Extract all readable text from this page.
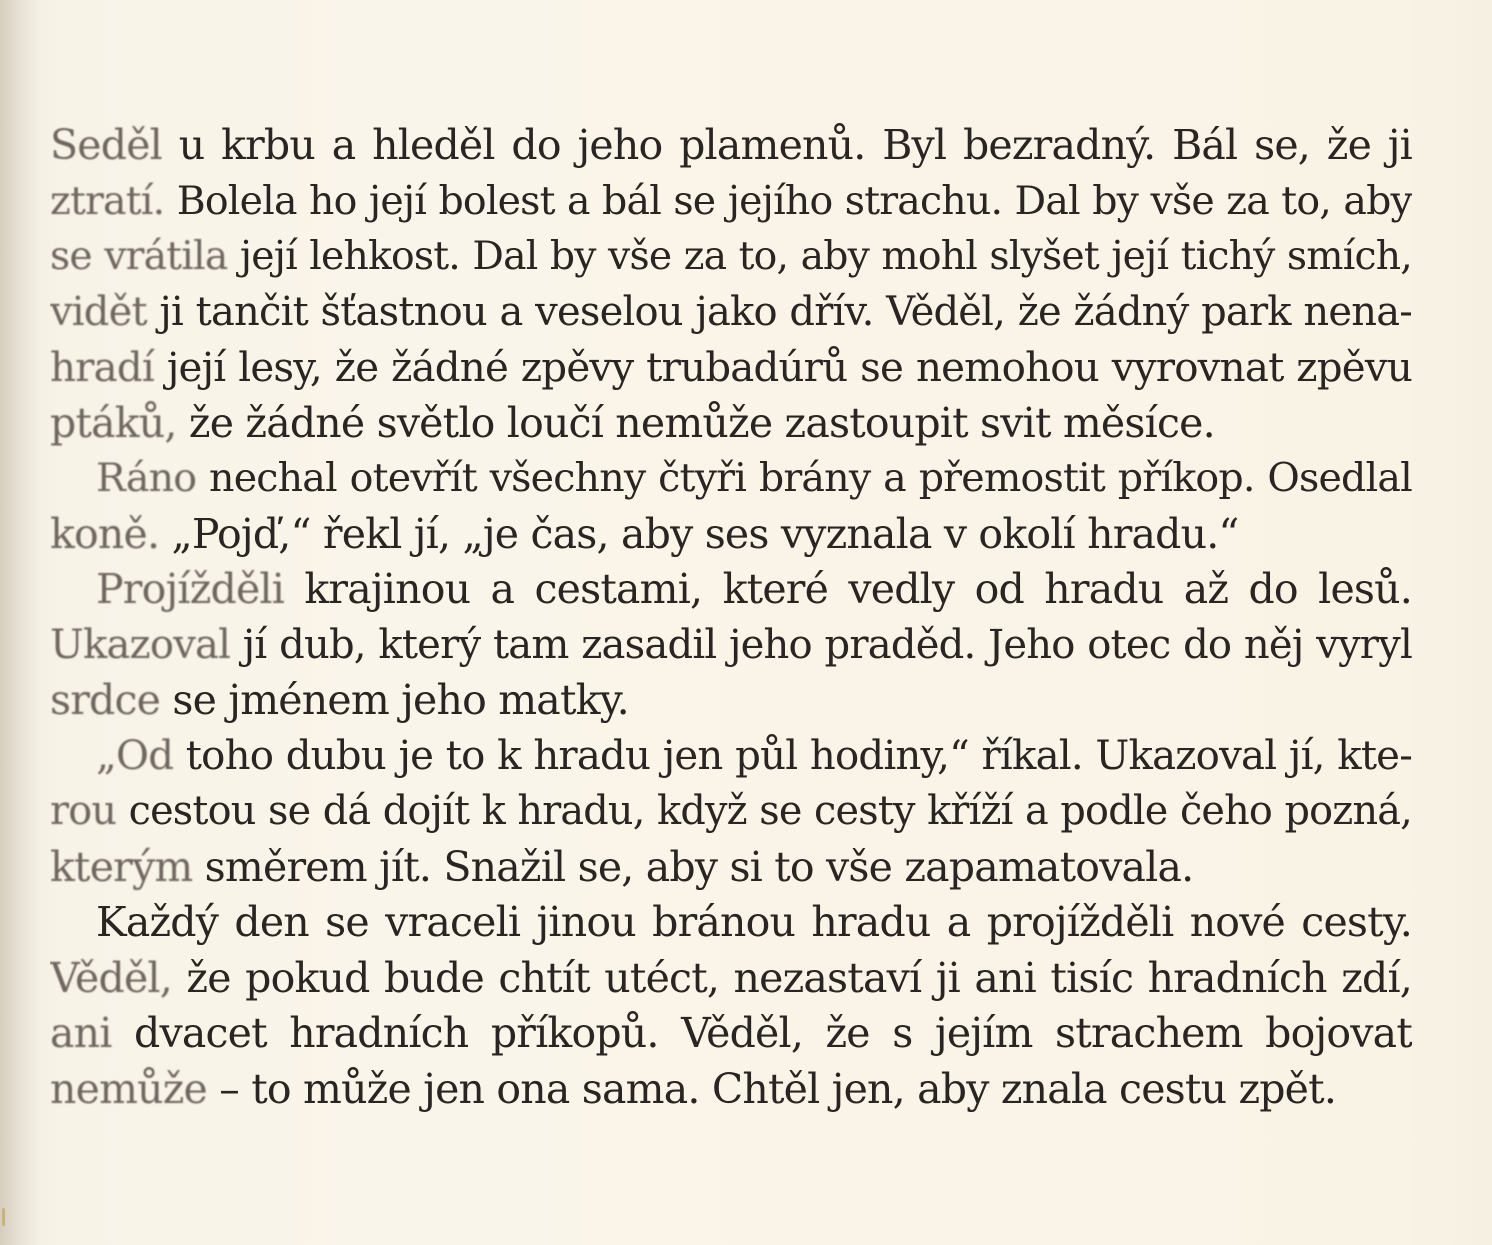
Seděl u krbu a hleděl do jeho plamenů. Byl bezradný. Bál se, že ji
ztratí. Bolela ho její bolest a bál se jejího strachu. Dal by vše za to, aby
se vrátila její lehkost. Dal by vše za to, aby mohl slyšet její tichý smích,
vidět ji tančit šťastnou a veselou jako dřív. Věděl, že žádný park nena-
hradí její lesy, že žádné zpěvy trubadúrů se nemohou vyrovnat zpěvu
ptáků, že žádné světlo loučí nemůže zastoupit svit měsíce.
Ráno nechal otevřít všechny čtyři brány a přemostit příkop. Osedlal
koně. „Pojď,“ řekl jí, „je čas, aby ses vyznala v okolí hradu.“
Projížděli krajinou a cestami, které vedly od hradu až do lesů.
Ukazoval jí dub, který tam zasadil jeho praděd. Jeho otec do něj vyryl
srdce se jménem jeho matky.
„Od toho dubu je to k hradu jen půl hodiny,“ říkal. Ukazoval jí, kte-
rou cestou se dá dojít k hradu, když se cesty kříží a podle čeho pozná,
kterým směrem jít. Snažil se, aby si to vše zapamatovala.
Každý den se vraceli jinou bránou hradu a projížděli nové cesty.
Věděl, že pokud bude chtít utéct, nezastaví ji ani tisíc hradních zdí,
ani dvacet hradních příkopů. Věděl, že s jejím strachem bojovat
nemůže – to může jen ona sama. Chtěl jen, aby znala cestu zpět.
